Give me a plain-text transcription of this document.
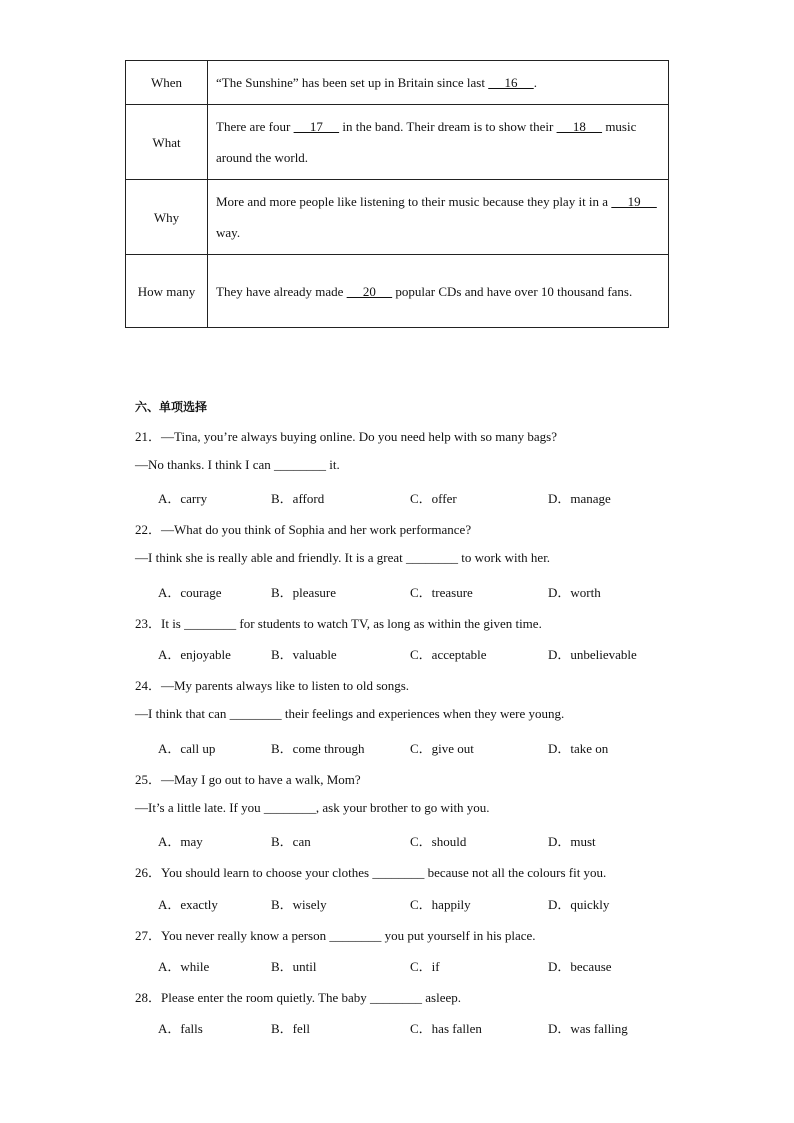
When	“The Sunshine” has been set up in Britain since last      16     .
What	There are four      17      in the band. Their dream is to show their      18      music around the world.
Why	More and more people like listening to their music because they play it in a      19      way.
How many	They have already made      20      popular CDs and have over 10 thousand fans.
六、单项选择
21．—Tina, you’re always buying online. Do you need help with so many bags?
—No thanks. I think I can ________ it.
A．carry	B．afford	C．offer	D．manage
22．—What do you think of Sophia and her work performance?
—I think she is really able and friendly. It is a great ________ to work with her.
A．courage	B．pleasure	C．treasure	D．worth
23．It is ________ for students to watch TV, as long as within the given time.
A．enjoyable	B．valuable	C．acceptable	D．unbelievable
24．—My parents always like to listen to old songs.
—I think that can ________ their feelings and experiences when they were young.
A．call up	B．come through	C．give out	D．take on
25．—May I go out to have a walk, Mom?
—It’s a little late. If you ________, ask your brother to go with you.
A．may	B．can	C．should	D．must
26．You should learn to choose your clothes ________ because not all the colours fit you.
A．exactly	B．wisely	C．happily	D．quickly
27．You never really know a person ________ you put yourself in his place.
A．while	B．until	C．if	D．because
28．Please enter the room quietly. The baby ________ asleep.
A．falls	B．fell	C．has fallen	D．was falling
